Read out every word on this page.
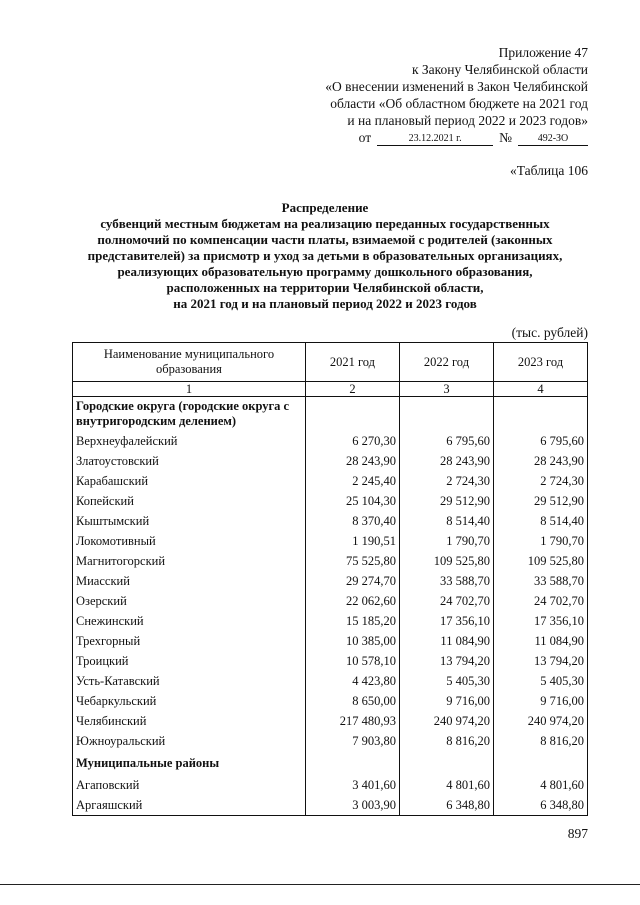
Приложение 47
к Закону Челябинской области
«О внесении изменений в Закон Челябинской
области «Об областном бюджете на 2021 год
и на плановый период 2022 и 2023 годов»
от	23.12.2021 г.	№	492-ЗО
«Таблица 106
Распределение
субвенций местным бюджетам на реализацию переданных государственных
полномочий по компенсации части платы, взимаемой с родителей (законных
представителей) за присмотр и уход за детьми в образовательных организациях,
реализующих образовательную программу дошкольного образования,
расположенных на территории Челябинской области,
на 2021 год и на плановый период 2022 и 2023 годов
(тыс. рублей)
Наименование муниципального образования	2021 год	2022 год	2023 год
1	2	3	4
Городские округа (городские округа с внутригородским делением)			
Верхнеуфалейский	6 270,30	6 795,60	6 795,60
Златоустовский	28 243,90	28 243,90	28 243,90
Карабашский	2 245,40	2 724,30	2 724,30
Копейский	25 104,30	29 512,90	29 512,90
Кыштымский	8 370,40	8 514,40	8 514,40
Локомотивный	1 190,51	1 790,70	1 790,70
Магнитогорский	75 525,80	109 525,80	109 525,80
Миасский	29 274,70	33 588,70	33 588,70
Озерский	22 062,60	24 702,70	24 702,70
Снежинский	15 185,20	17 356,10	17 356,10
Трехгорный	10 385,00	11 084,90	11 084,90
Троицкий	10 578,10	13 794,20	13 794,20
Усть-Катавский	4 423,80	5 405,30	5 405,30
Чебаркульский	8 650,00	9 716,00	9 716,00
Челябинский	217 480,93	240 974,20	240 974,20
Южноуральский	7 903,80	8 816,20	8 816,20
Муниципальные районы			
Агаповский	3 401,60	4 801,60	4 801,60
Аргаяшский	3 003,90	6 348,80	6 348,80
897
